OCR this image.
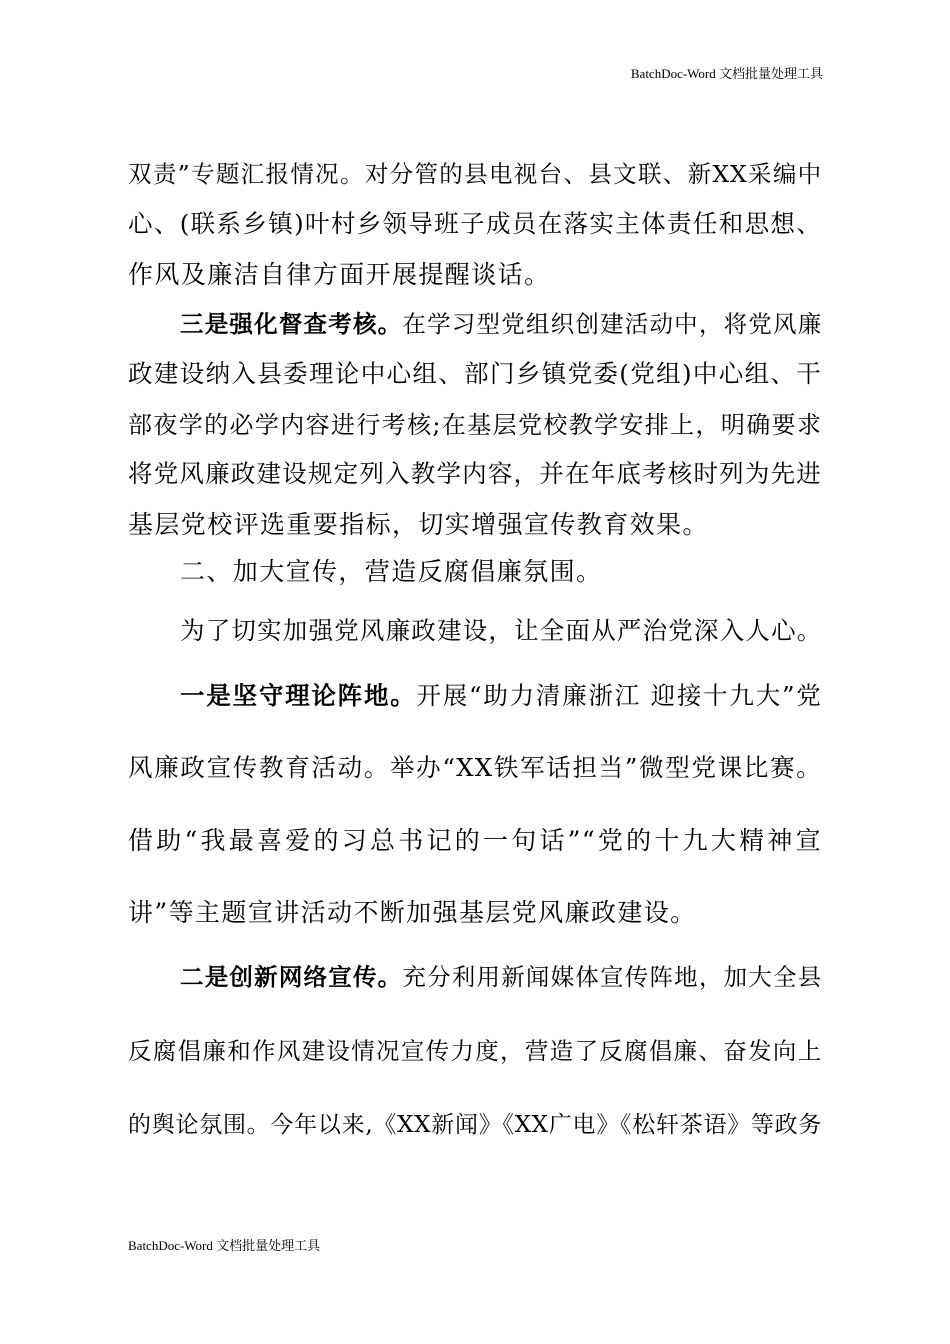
BatchDoc-Word 文档批量处理工具
双责”专题汇报情况。对分管的县电视台、县文联、新XX采编中
心、(联系乡镇)叶村乡领导班子成员在落实主体责任和思想、
作风及廉洁自律方面开展提醒谈话。
三是强化督查考核。在学习型党组织创建活动中，将党风廉
政建设纳入县委理论中心组、部门乡镇党委(党组)中心组、干
部夜学的必学内容进行考核;在基层党校教学安排上，明确要求
将党风廉政建设规定列入教学内容，并在年底考核时列为先进
基层党校评选重要指标，切实增强宣传教育效果。
二、加大宣传，营造反腐倡廉氛围。
为了切实加强党风廉政建设，让全面从严治党深入人心。
一是坚守理论阵地。开展“助力清廉浙江 迎接十九大”党
风廉政宣传教育活动。举办“XX铁军话担当”微型党课比赛。
借助“我最喜爱的习总书记的一句话”“党的十九大精神宣
讲”等主题宣讲活动不断加强基层党风廉政建设。
二是创新网络宣传。充分利用新闻媒体宣传阵地，加大全县
反腐倡廉和作风建设情况宣传力度，营造了反腐倡廉、奋发向上
的舆论氛围。今年以来,《XX新闻》《XX广电》《松轩茶语》等政务
BatchDoc-Word 文档批量处理工具
